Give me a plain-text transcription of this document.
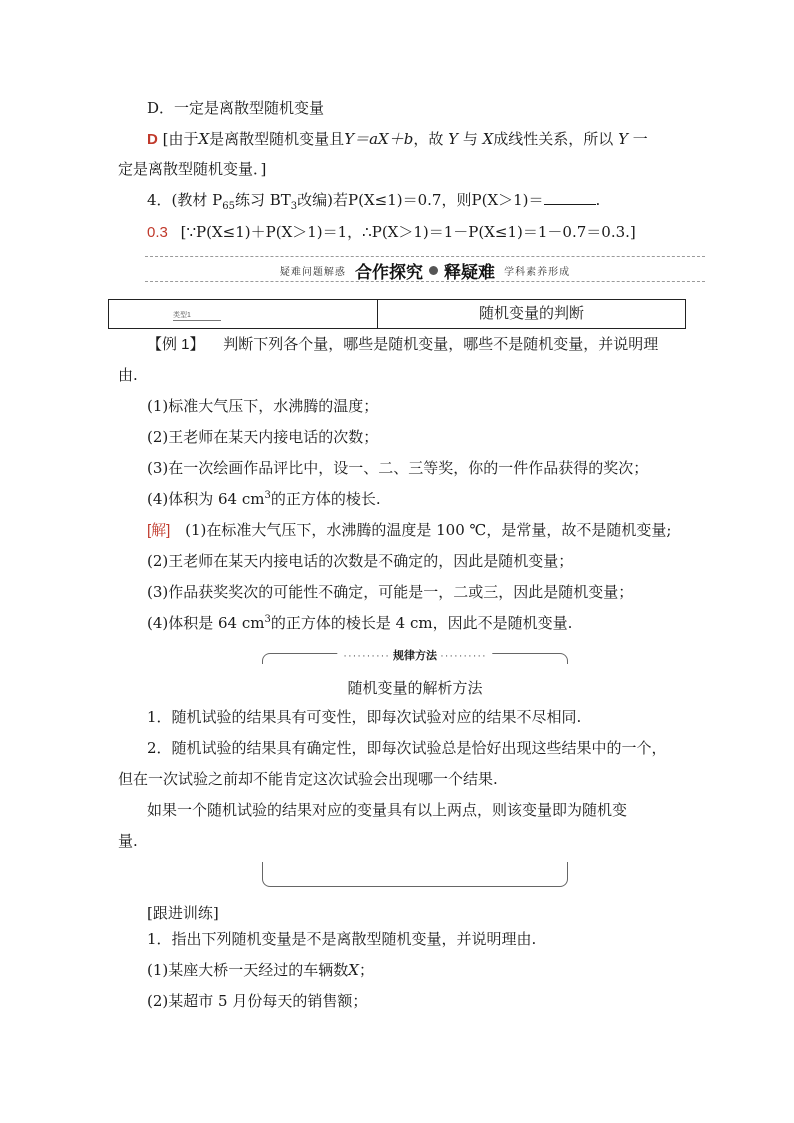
D．一定是离散型随机变量
D [由于X是离散型随机变量且Y＝aX＋b，故 Y 与 X成线性关系，所以 Y 一
定是离散型随机变量．]
4．(教材 $P_{65}$练习 $BT_3$改编)若P(X≤1)＝0.7，则P(X＞1)＝	.
0.3 [∵P(X≤1)＋P(X＞1)＝1，∴P(X＞1)＝1－P(X≤1)＝1－0.7＝0.3.]
疑难问题解惑 合作探究 释疑难 学科素养形成
类型1	随机变量的判断
【例 1】 判断下列各个量，哪些是随机变量，哪些不是随机变量，并说明理
由.
(1)标准大气压下，水沸腾的温度；
(2)王老师在某天内接电话的次数；
(3)在一次绘画作品评比中，设一、二、三等奖，你的一件作品获得的奖次；
(4)体积为 64 $cm^3$的正方体的棱长.
[解] (1)在标准大气压下，水沸腾的温度是 100 ℃，是常量，故不是随机变量;
(2)王老师在某天内接电话的次数是不确定的，因此是随机变量；
(3)作品获奖奖次的可能性不确定，可能是一，二或三，因此是随机变量；
(4)体积是 64 $cm^3$的正方体的棱长是 4 cm，因此不是随机变量.
·········· 规律方法 ··········
随机变量的解析方法
1．随机试验的结果具有可变性，即每次试验对应的结果不尽相同.
2．随机试验的结果具有确定性，即每次试验总是恰好出现这些结果中的一个，
但在一次试验之前却不能肯定这次试验会出现哪一个结果.
如果一个随机试验的结果对应的变量具有以上两点，则该变量即为随机变
量.
[跟进训练]
1．指出下列随机变量是不是离散型随机变量，并说明理由.
(1)某座大桥一天经过的车辆数X；
(2)某超市 5 月份每天的销售额；
